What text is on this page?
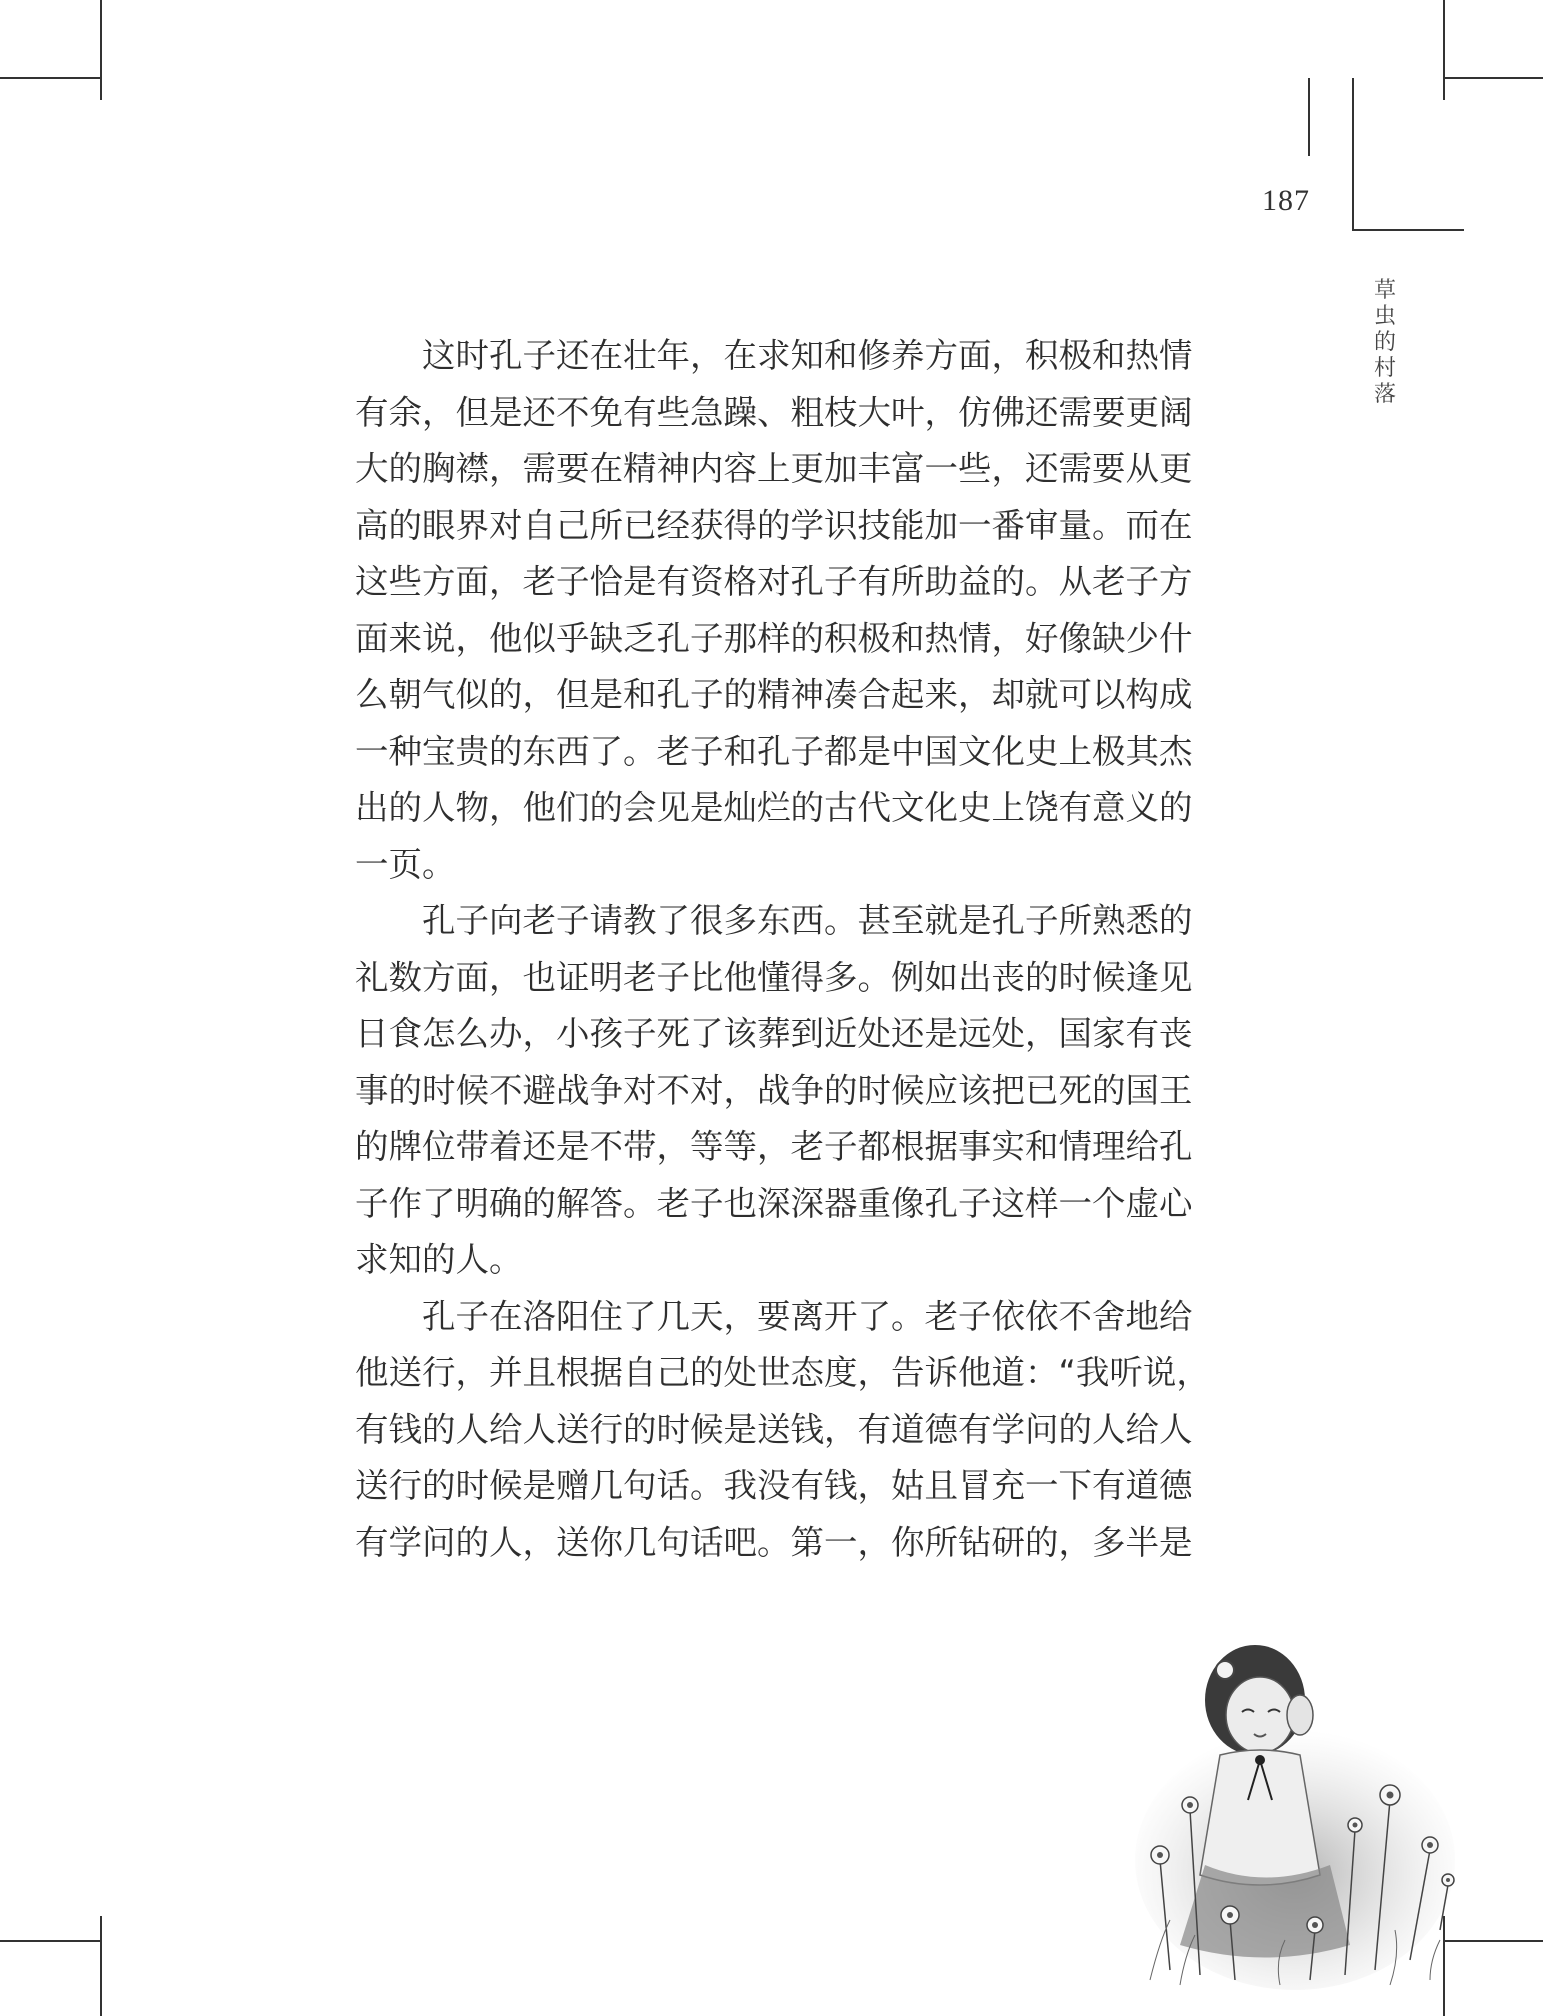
187
草
虫
的
村
落

这时孔子还在壮年，在求知和修养方面，积极和热情
有余，但是还不免有些急躁、粗枝大叶，仿佛还需要更阔
大的胸襟，需要在精神内容上更加丰富一些，还需要从更
高的眼界对自己所已经获得的学识技能加一番审量。而在
这些方面，老子恰是有资格对孔子有所助益的。从老子方
面来说，他似乎缺乏孔子那样的积极和热情，好像缺少什
么朝气似的，但是和孔子的精神凑合起来，却就可以构成
一种宝贵的东西了。老子和孔子都是中国文化史上极其杰
出的人物，他们的会见是灿烂的古代文化史上饶有意义的
一页。

孔子向老子请教了很多东西。甚至就是孔子所熟悉的
礼数方面，也证明老子比他懂得多。例如出丧的时候逢见
日食怎么办，小孩子死了该葬到近处还是远处，国家有丧
事的时候不避战争对不对，战争的时候应该把已死的国王
的牌位带着还是不带，等等，老子都根据事实和情理给孔
子作了明确的解答。老子也深深器重像孔子这样一个虚心
求知的人。

孔子在洛阳住了几天，要离开了。老子依依不舍地给
他送行，并且根据自己的处世态度，告诉他道：“我听说，
有钱的人给人送行的时候是送钱，有道德有学问的人给人
送行的时候是赠几句话。我没有钱，姑且冒充一下有道德
有学问的人，送你几句话吧。第一，你所钻研的，多半是
